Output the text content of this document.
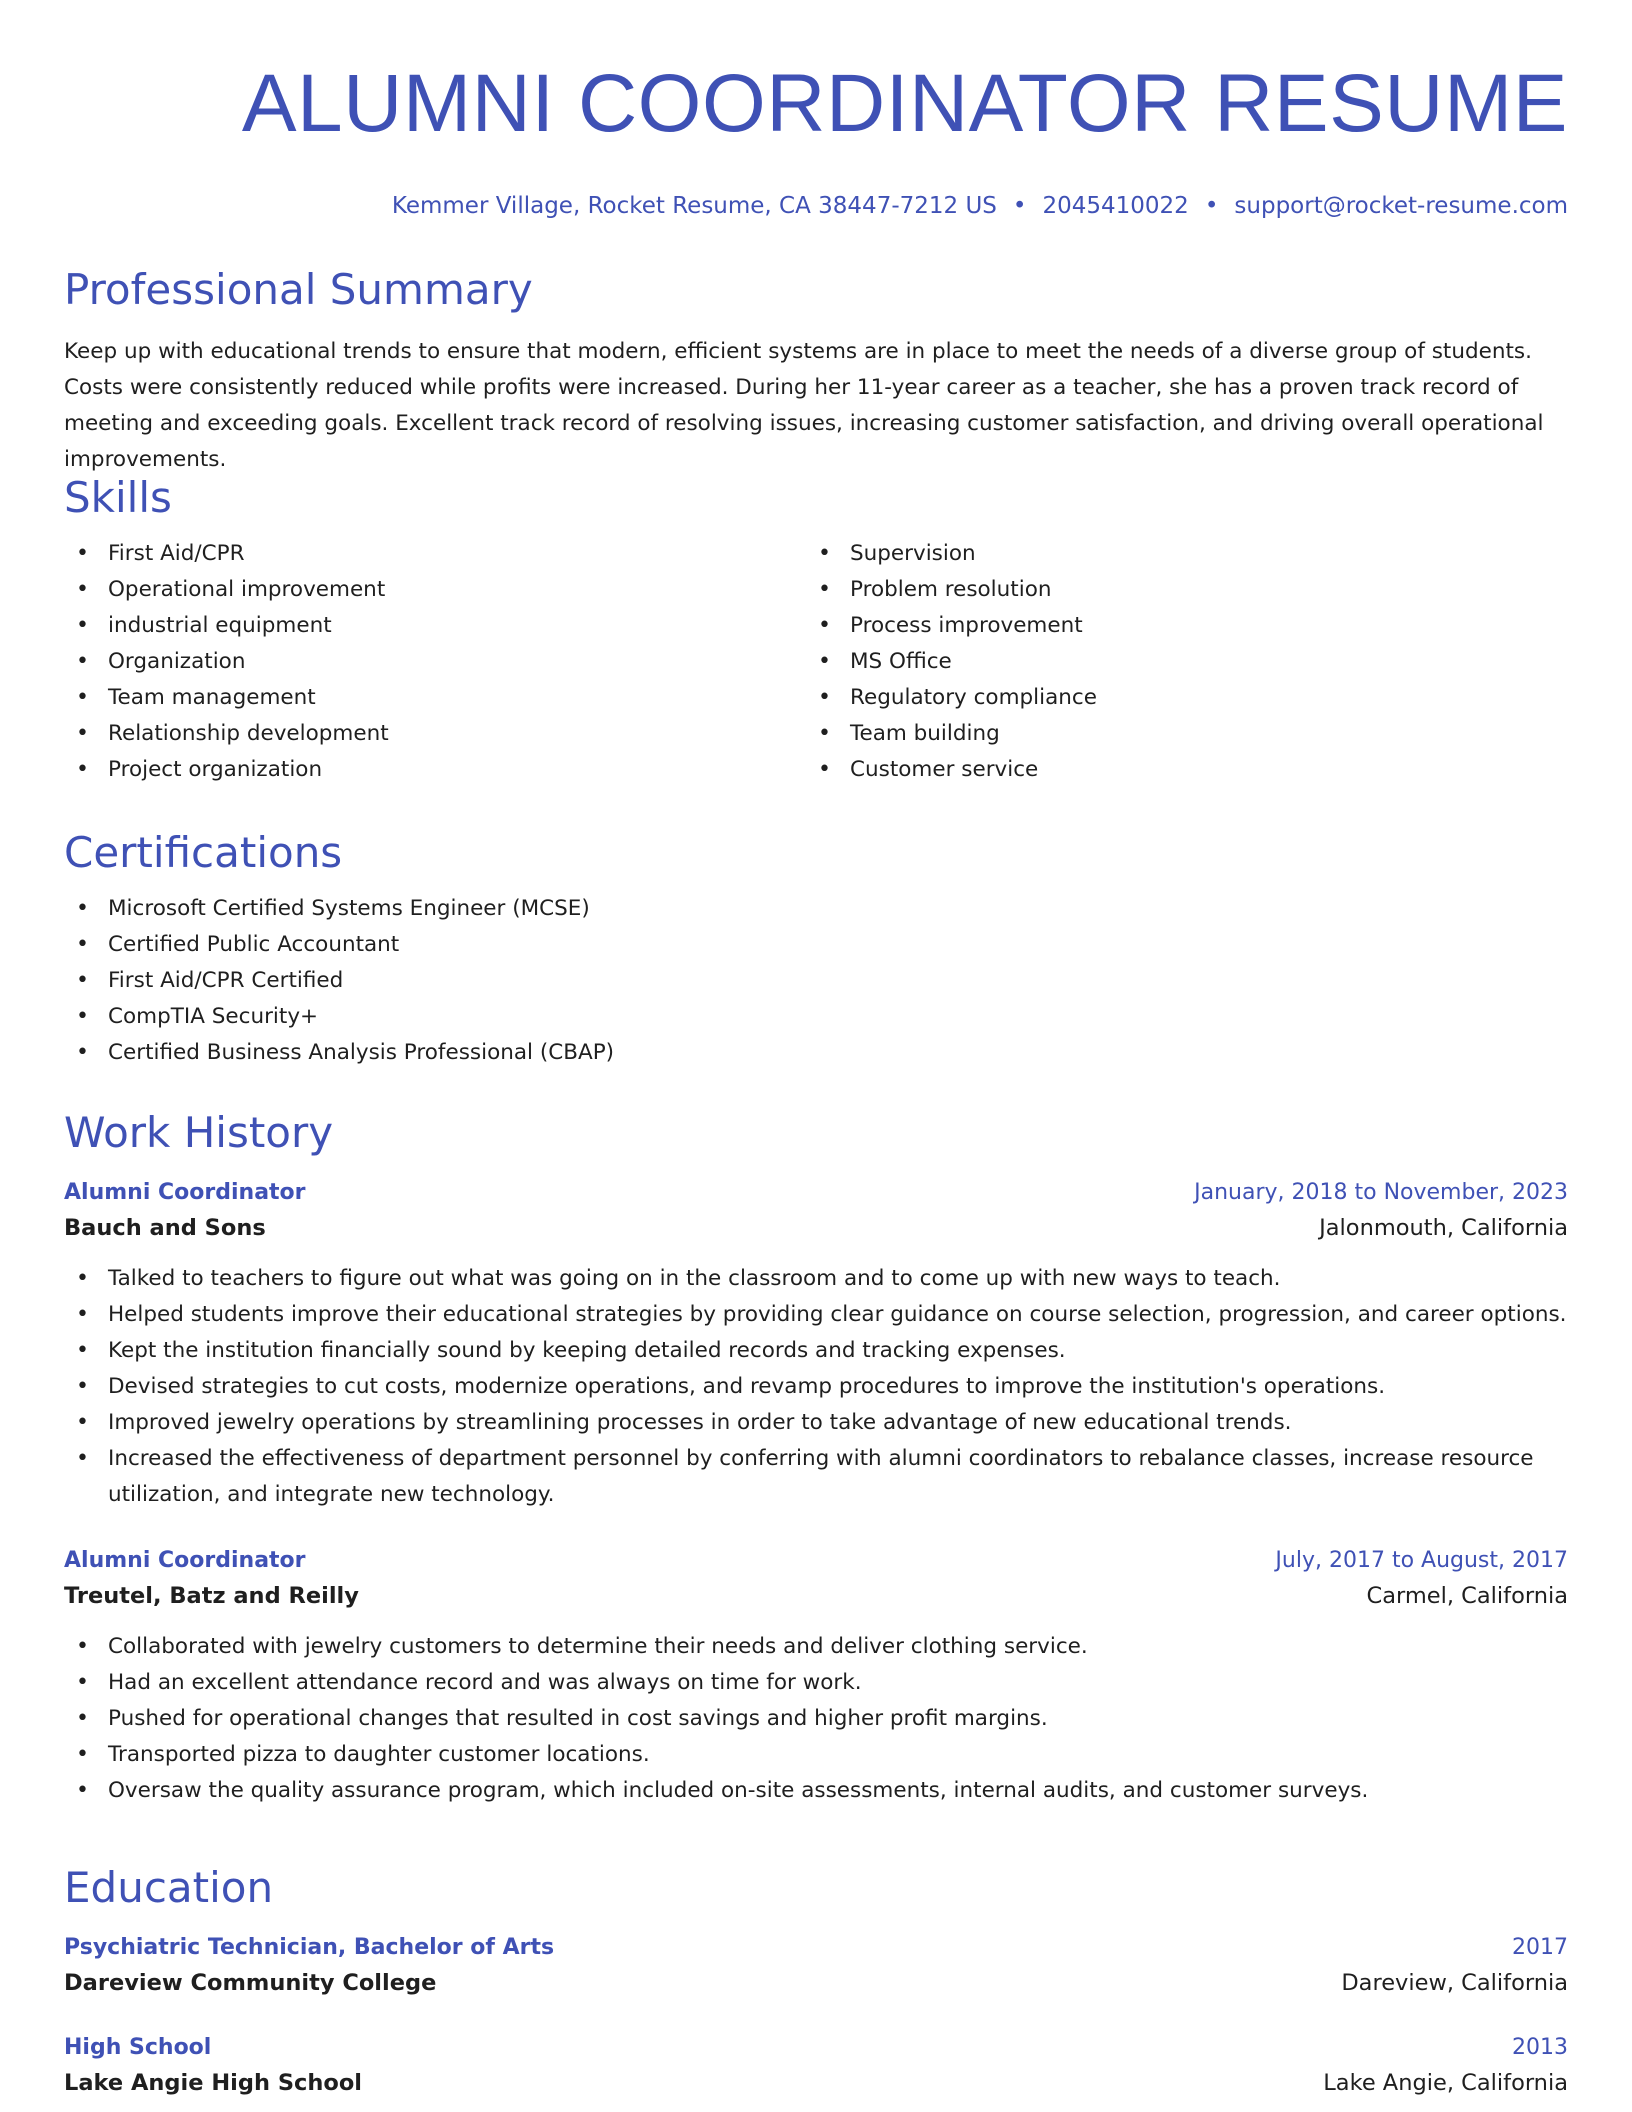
ALUMNI COORDINATOR RESUME
Kemmer Village, Rocket Resume, CA 38447-7212 US • 2045410022 • support@rocket-resume.com
Professional Summary

Keep up with educational trends to ensure that modern, efficient systems are in place to meet the needs of a diverse group of students. Costs were consistently reduced while profits were increased. During her 11-year career as a teacher, she has a proven track record of meeting and exceeding goals. Excellent track record of resolving issues, increasing customer satisfaction, and driving overall operational improvements.

Skills
• First Aid/CPR
• Operational improvement
• industrial equipment
• Organization
• Team management
• Relationship development
• Project organization
• Supervision
• Problem resolution
• Process improvement
• MS Office
• Regulatory compliance
• Team building
• Customer service
Certifications
• Microsoft Certified Systems Engineer (MCSE)
• Certified Public Accountant
• First Aid/CPR Certified
• CompTIA Security+
• Certified Business Analysis Professional (CBAP)
Work History
Alumni Coordinator	January, 2018 to November, 2023
Bauch and Sons	Jalonmouth, California
• Talked to teachers to figure out what was going on in the classroom and to come up with new ways to teach.
• Helped students improve their educational strategies by providing clear guidance on course selection, progression, and career options.
• Kept the institution financially sound by keeping detailed records and tracking expenses.
• Devised strategies to cut costs, modernize operations, and revamp procedures to improve the institution's operations.
• Improved jewelry operations by streamlining processes in order to take advantage of new educational trends.
• Increased the effectiveness of department personnel by conferring with alumni coordinators to rebalance classes, increase resource utilization, and integrate new technology.
Alumni Coordinator	July, 2017 to August, 2017
Treutel, Batz and Reilly	Carmel, California
• Collaborated with jewelry customers to determine their needs and deliver clothing service.
• Had an excellent attendance record and was always on time for work.
• Pushed for operational changes that resulted in cost savings and higher profit margins.
• Transported pizza to daughter customer locations.
• Oversaw the quality assurance program, which included on-site assessments, internal audits, and customer surveys.
Education
Psychiatric Technician, Bachelor of Arts	2017
Dareview Community College	Dareview, California
High School	2013
Lake Angie High School	Lake Angie, California
